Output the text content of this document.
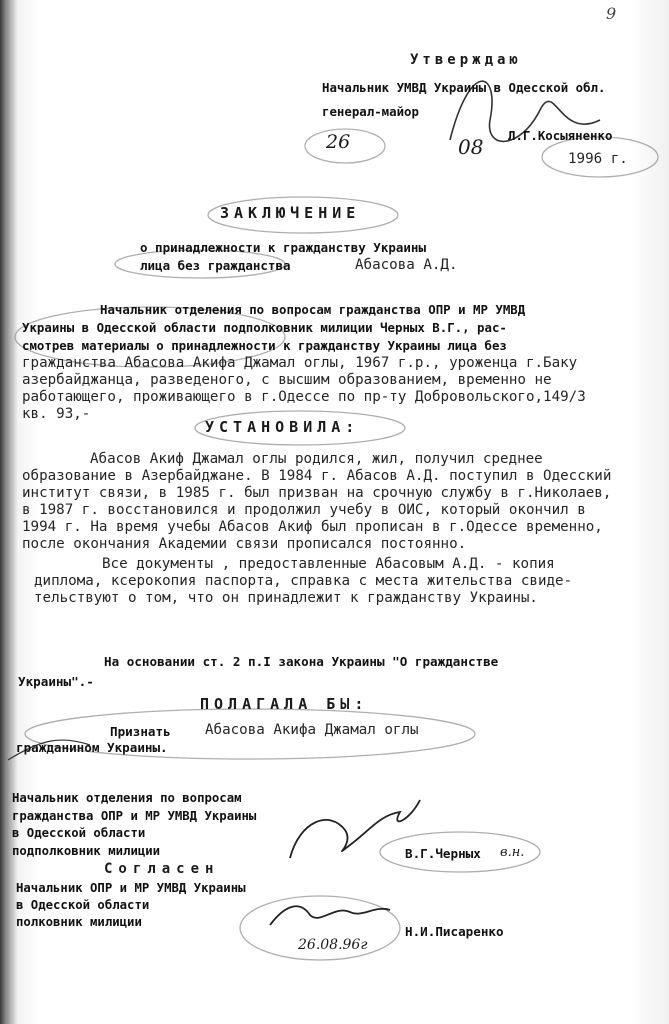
9
Утверждаю
Начальник УМВД Украины в Одесской обл.
генерал-майор
Л.Г.Косыяненко
26	08	1996 г.
ЗАКЛЮЧЕНИЕ
о принадлежности к гражданству Украины
лица без гражданства	Абасова А.Д.
Начальник отделения по вопросам гражданства ОПР и МР УМВД
Украины в Одесской области подполковник милиции Черных В.Г., рас-
смотрев материалы о принадлежности к гражданству Украины лица без
гражданства Абасова Акифа Джамал оглы, 1967 г.р., уроженца г.Баку
азербайджанца, разведеного, с высшим образованием, временно не
работающего, проживающего в г.Одессе по пр-ту Добровольского,149/3
кв. 93,-
УСТАНОВИЛА:
Абасов Акиф Джамал оглы родился, жил, получил среднее
образование в Азербайджане. В 1984 г. Абасов А.Д. поступил в Одесский
институт связи, в 1985 г. был призван на срочную службу в г.Николаев,
в 1987 г. восстановился и продолжил учебу в ОИС, который окончил в
1994 г. На время учебы Абасов Акиф был прописан в г.Одессе временно,
после окончания Академии связи прописался постоянно.
Все документы , предоставленные Абасовым А.Д. - копия
диплома, ксерокопия паспорта, справка с места жительства свиде-
тельствуют о том, что он принадлежит к гражданству Украины.
На основании ст. 2 п.I закона Украины "О гражданстве
Украины".-
ПОЛАГАЛА БЫ:
Признать Абасова Акифа Джамал оглы
гражданином Украины.
Начальник отделения по вопросам
гражданства ОПР и МР УМВД Украины
в Одесской области
подполковник милиции	В.Г.Черных в.н.
Согласен
Начальник ОПР и МР УМВД Украины
в Одесской области
полковник милиции
Н.И.Писаренко
26.08.96г
